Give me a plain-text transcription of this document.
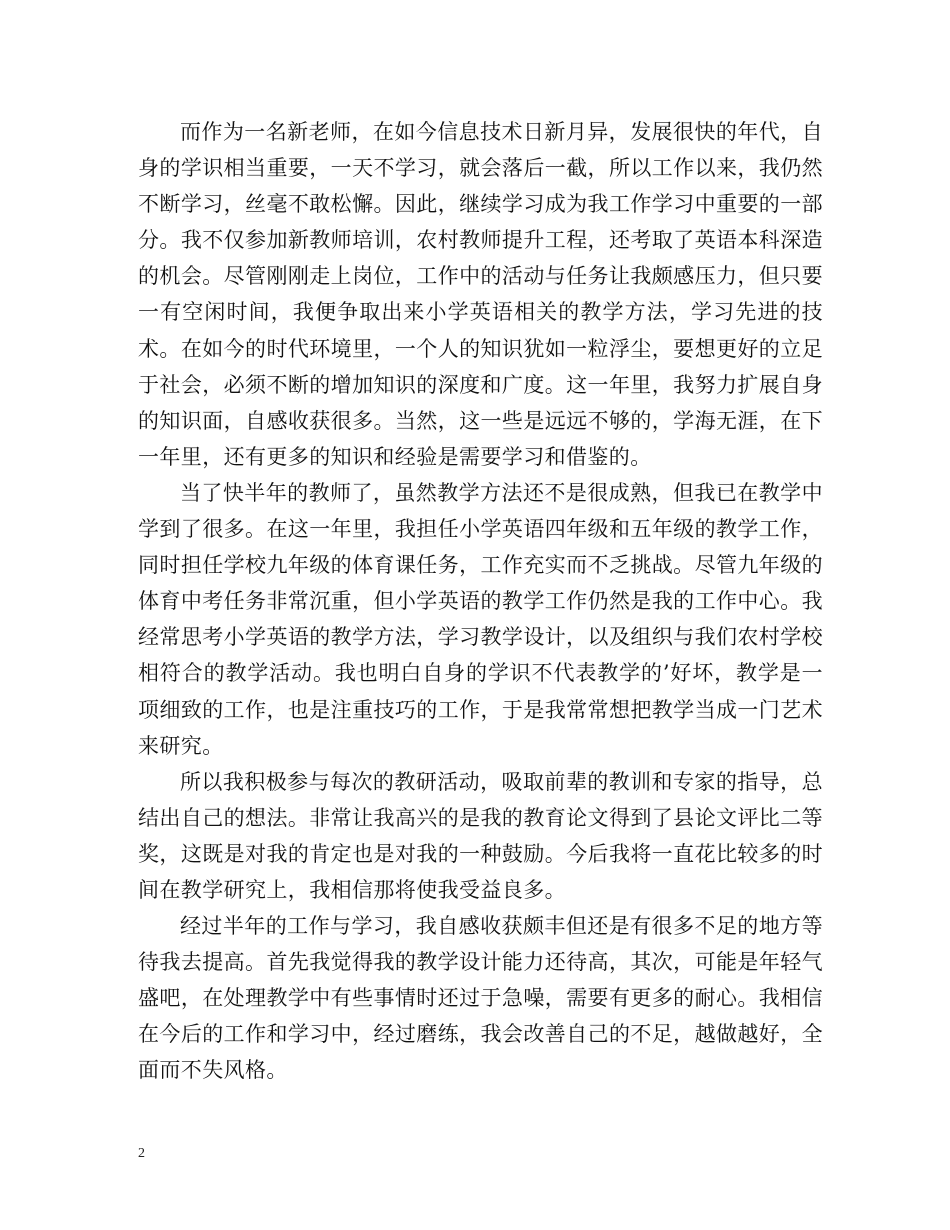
而作为一名新老师，在如今信息技术日新月异，发展很快的年代，自身的学识相当重要，一天不学习，就会落后一截，所以工作以来，我仍然不断学习，丝毫不敢松懈。因此，继续学习成为我工作学习中重要的一部分。我不仅参加新教师培训，农村教师提升工程，还考取了英语本科深造的机会。尽管刚刚走上岗位，工作中的活动与任务让我颇感压力，但只要一有空闲时间，我便争取出来小学英语相关的教学方法，学习先进的技术。在如今的时代环境里，一个人的知识犹如一粒浮尘，要想更好的立足于社会，必须不断的增加知识的深度和广度。这一年里，我努力扩展自身的知识面，自感收获很多。当然，这一些是远远不够的，学海无涯，在下一年里，还有更多的知识和经验是需要学习和借鉴的。

当了快半年的教师了，虽然教学方法还不是很成熟，但我已在教学中学到了很多。在这一年里，我担任小学英语四年级和五年级的教学工作，同时担任学校九年级的体育课任务，工作充实而不乏挑战。尽管九年级的体育中考任务非常沉重，但小学英语的教学工作仍然是我的工作中心。我经常思考小学英语的教学方法，学习教学设计，以及组织与我们农村学校相符合的教学活动。我也明白自身的学识不代表教学的’好坏，教学是一项细致的工作，也是注重技巧的工作，于是我常常想把教学当成一门艺术来研究。

所以我积极参与每次的教研活动，吸取前辈的教训和专家的指导，总结出自己的想法。非常让我高兴的是我的教育论文得到了县论文评比二等奖，这既是对我的肯定也是对我的一种鼓励。今后我将一直花比较多的时间在教学研究上，我相信那将使我受益良多。

经过半年的工作与学习，我自感收获颇丰但还是有很多不足的地方等待我去提高。首先我觉得我的教学设计能力还待高，其次，可能是年轻气盛吧，在处理教学中有些事情时还过于急噪，需要有更多的耐心。我相信在今后的工作和学习中，经过磨练，我会改善自己的不足，越做越好，全面而不失风格。

2
